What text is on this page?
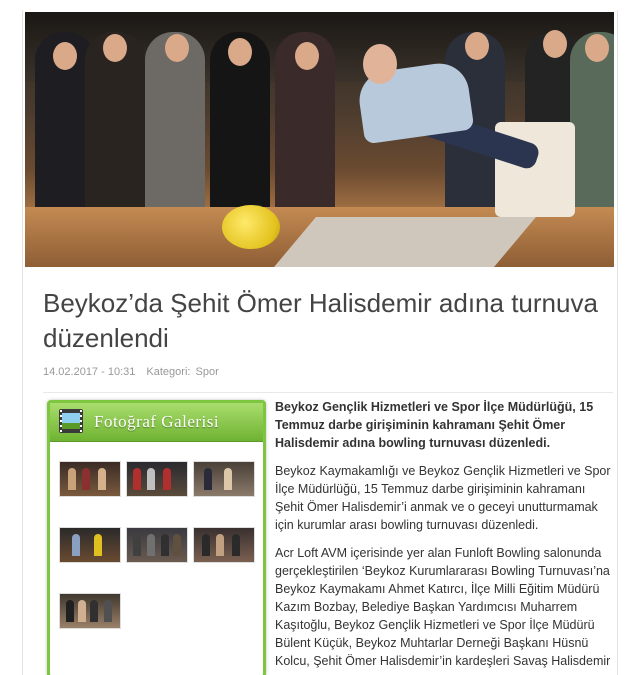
Beykoz’da Şehit Ömer Halisdemir adına turnuva düzenlendi
14.02.2017 - 10:31 Kategori: Spor
Fotoğraf Galerisi

Beykoz Gençlik Hizmetleri ve Spor İlçe Müdürlüğü, 15 Temmuz darbe girişiminin kahramanı Şehit Ömer Halisdemir adına bowling turnuvası düzenledi.

Beykoz Kaymakamlığı ve Beykoz Gençlik Hizmetleri ve Spor İlçe Müdürlüğü, 15 Temmuz darbe girişiminin kahramanı Şehit Ömer Halisdemir’i anmak ve o geceyi unutturmamak için kurumlar arası bowling turnuvası düzenledi.

Acr Loft AVM içerisinde yer alan Funloft Bowling salonunda gerçekleştirilen ‘Beykoz Kurumlararası Bowling Turnuvası’na Beykoz Kaymakamı Ahmet Katırcı, İlçe Milli Eğitim Müdürü Kazım Bozbay, Belediye Başkan Yardımcısı Muharrem Kaşıtoğlu, Beykoz Gençlik Hizmetleri ve Spor İlçe Müdürü Bülent Küçük, Beykoz Muhtarlar Derneği Başkanı Hüsnü Kolcu, Şehit Ömer Halisdemir’in kardeşleri Savaş Halisdemir
